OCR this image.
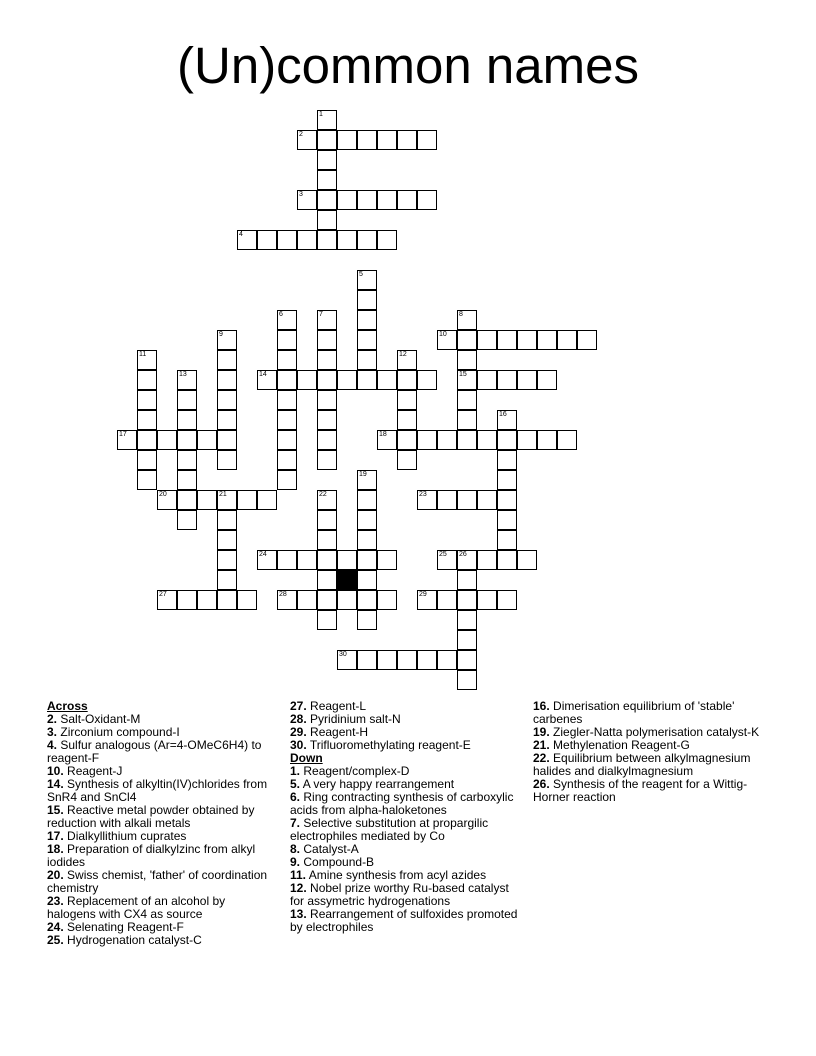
(Un)common names
1
2
3
4
5
6	7	8
15
9	10
11	12
13	14
16
17	18
19
20	21	22	23
24	25 26
27	28	29
30
Across
2. Salt-Oxidant-M
3. Zirconium compound-I
4. Sulfur analogous (Ar=4-OMeC6H4) to reagent-F
10. Reagent-J
14. Synthesis of alkyltin(IV)chlorides from SnR4 and SnCl4
15. Reactive metal powder obtained by reduction with alkali metals
17. Dialkyllithium cuprates
18. Preparation of dialkylzinc from alkyl iodides
20. Swiss chemist, 'father' of coordination chemistry
23. Replacement of an alcohol by halogens with CX4 as source
24. Selenating Reagent-F
25. Hydrogenation catalyst-C
27. Reagent-L
28. Pyridinium salt-N
29. Reagent-H
30. Trifluoromethylating reagent-E
Down
1. Reagent/complex-D
5. A very happy rearrangement
6. Ring contracting synthesis of carboxylic acids from alpha-haloketones
7. Selective substitution at propargilic electrophiles mediated by Co
8. Catalyst-A
9. Compound-B
11. Amine synthesis from acyl azides
12. Nobel prize worthy Ru-based catalyst for assymetric hydrogenations
13. Rearrangement of sulfoxides promoted by electrophiles
16. Dimerisation equilibrium of 'stable' carbenes
19. Ziegler-Natta polymerisation catalyst-K
21. Methylenation Reagent-G
22. Equilibrium between alkylmagnesium halides and dialkylmagnesium
26. Synthesis of the reagent for a Wittig-Horner reaction
